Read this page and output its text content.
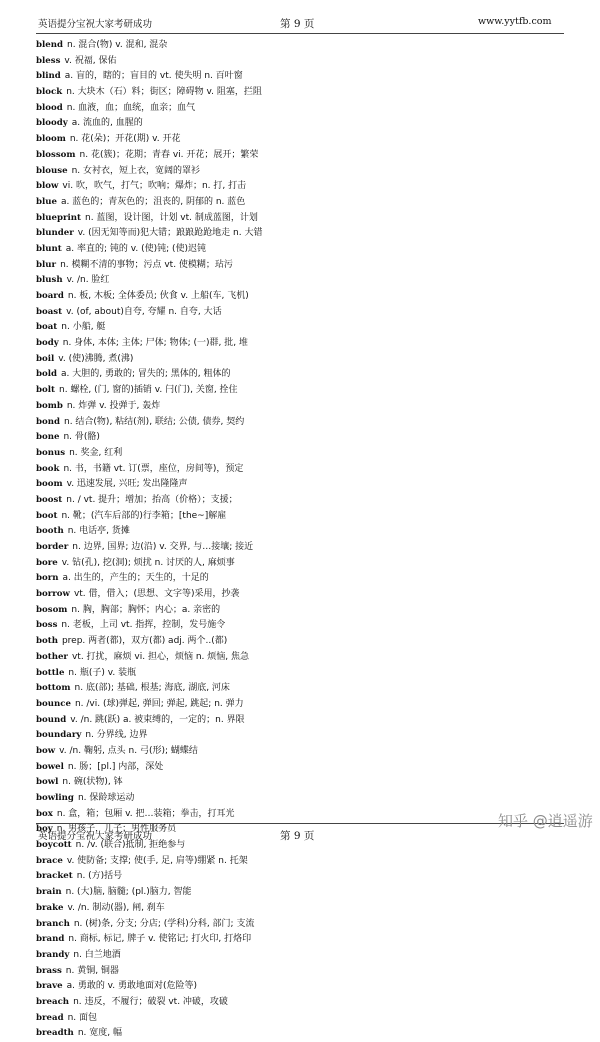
英语提分宝祝大家考研成功	第 9 页	www.yytfb.com
blend n. 混合(物) v. 混和, 混杂
bless v. 祝福, 保佑
blind a. 盲的，瞎的；盲目的 vt. 使失明 n. 百叶窗
block n. 大块木（石）料；街区；障碍物 v. 阻塞，拦阻
blood n. 血液，血；血统，血亲；血气
bloody a. 流血的, 血腥的
bloom n. 花(朵)；开花(期) v. 开花
blossom n. 花(簇)；花期；青春 vi. 开花；展开；繁荣
blouse n. 女衬衣，短上衣，宽阔的罩衫
blow vi. 吹，吹气，打气；吹响；爆炸；n. 打, 打击
blue a. 蓝色的；青灰色的；沮丧的, 阴郁的 n. 蓝色
blueprint n. 蓝图，设计图，计划 vt. 制成蓝图，计划
blunder v. (因无知等而)犯大错；踉踉跄跄地走 n. 大错
blunt a. 率直的; 钝的 v. (使)钝; (使)迟钝
blur n. 模糊不清的事物；污点 vt. 使模糊；玷污
blush v. /n. 脸红
board n. 板, 木板; 全体委员; 伙食 v. 上船(车, 飞机)
boast v. (of, about)自夸, 夸耀 n. 自夸, 大话
boat n. 小船, 艇
body n. 身体, 本体; 主体; 尸体; 物体; (一)群, 批, 堆
boil v. (使)沸腾, 煮(沸)
bold a. 大胆的, 勇敢的; 冒失的; 黑体的, 粗体的
bolt n. 螺栓, (门, 窗的)插销 v. 闩(门), 关窗, 拴住
bomb n. 炸弹 v. 投弹于, 轰炸
bond n. 结合(物), 粘结(剂), 联结; 公债, 债券, 契约
bone n. 骨(骼)
bonus n. 奖金, 红利
book n. 书，书籍 vt. 订(票，座位，房间等)，预定
boom v. 迅速发展, 兴旺; 发出隆隆声
boost n. / vt. 提升；增加；抬高（价格）；支援；
boot n. 靴；(汽车后部的)行李箱；[the~]解雇
booth n. 电话亭, 货摊
border n. 边界, 国界; 边(沿) v. 交界, 与…接壤; 接近
bore v. 钻(孔), 挖(洞); 烦扰 n. 讨厌的人, 麻烦事
born a. 出生的，产生的；天生的，十足的
borrow vt. 借，借入；(思想、文字等)采用，抄袭
bosom n. 胸，胸部；胸怀；内心；a. 亲密的
boss n. 老板，上司 vt. 指挥，控制，发号施令
both prep. 两者(都)，双方(都) adj. 两个..(都)
bother vt. 打扰，麻烦 vi. 担心，烦恼 n. 烦恼, 焦急
bottle n. 瓶(子) v. 装瓶
bottom n. 底(部); 基础, 根基; 海底, 湖底, 河床
bounce n. /vi. (球)弹起, 弹回; 弹起, 跳起; n. 弹力
bound v. /n. 跳(跃) a. 被束缚的，一定的；n. 界限
boundary n. 分界线, 边界
bow v. /n. 鞠躬, 点头 n. 弓(形); 蝴蝶结
bowel n. 肠；[pl.] 内部，深处
bowl n. 碗(状物), 钵
bowling n. 保龄球运动
box n. 盒，箱；包厢 v. 把…装箱；拳击，打耳光
boy n. 男孩子，儿子；男性服务员
boycott n. /v. (联合)抵制, 拒绝参与
brace v. 使防备; 支撑; 使(手, 足, 肩等)绷紧 n. 托架
bracket n. (方)括号
brain n. (大)脑, 脑髓; (pl.)脑力, 智能
brake v. /n. 制动(器), 闸, 刹车
branch n. (树)条, 分支; 分店; (学科)分科, 部门; 支流
brand n. 商标, 标记, 牌子 v. 使铭记; 打火印, 打烙印
brandy n. 白兰地酒
brass n. 黄铜, 铜器
brave a. 勇敢的 v. 勇敢地面对(危险等)
breach n. 违反，不履行；破裂 vt. 冲破，攻破
bread n. 面包
breadth n. 宽度, 幅
英语提分宝祝大家考研成功	第 9 页
知乎 @逍遥游
